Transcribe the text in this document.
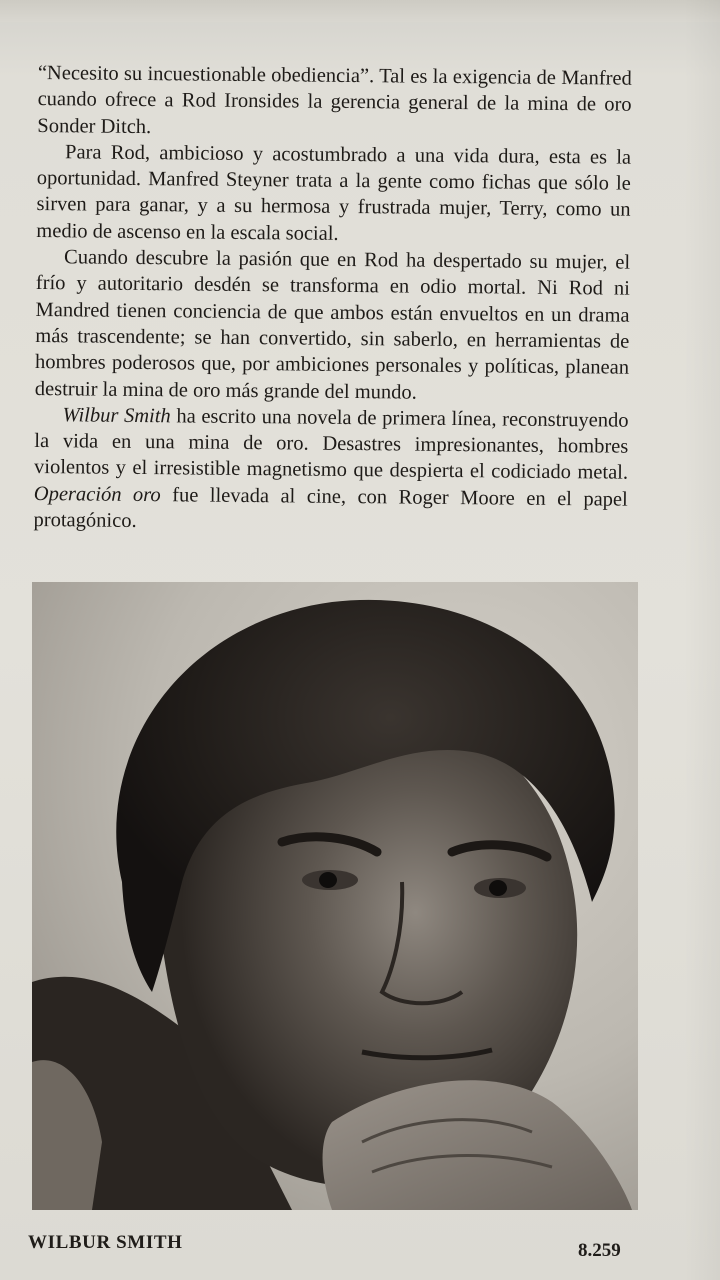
“Necesito su incuestionable obediencia”. Tal es la exigencia de Manfred cuando ofrece a Rod Ironsides la gerencia general de la mina de oro Sonder Ditch.

Para Rod, ambicioso y acostumbrado a una vida dura, esta es la oportunidad. Manfred Steyner trata a la gente como fichas que sólo le sirven para ganar, y a su hermosa y frustrada mujer, Terry, como un medio de ascenso en la escala social.

Cuando descubre la pasión que en Rod ha despertado su mujer, el frío y autoritario desdén se transforma en odio mortal. Ni Rod ni Mandred tienen conciencia de que ambos están envueltos en un drama más trascendente; se han convertido, sin saberlo, en herramientas de hombres poderosos que, por ambiciones personales y políticas, planean destruir la mina de oro más grande del mundo.

Wilbur Smith ha escrito una novela de primera línea, reconstruyendo la vida en una mina de oro. Desastres impresionantes, hombres violentos y el irresistible magnetismo que despierta el codiciado metal. Operación oro fue llevada al cine, con Roger Moore en el papel protagónico.

WILBUR SMITH	8.259
